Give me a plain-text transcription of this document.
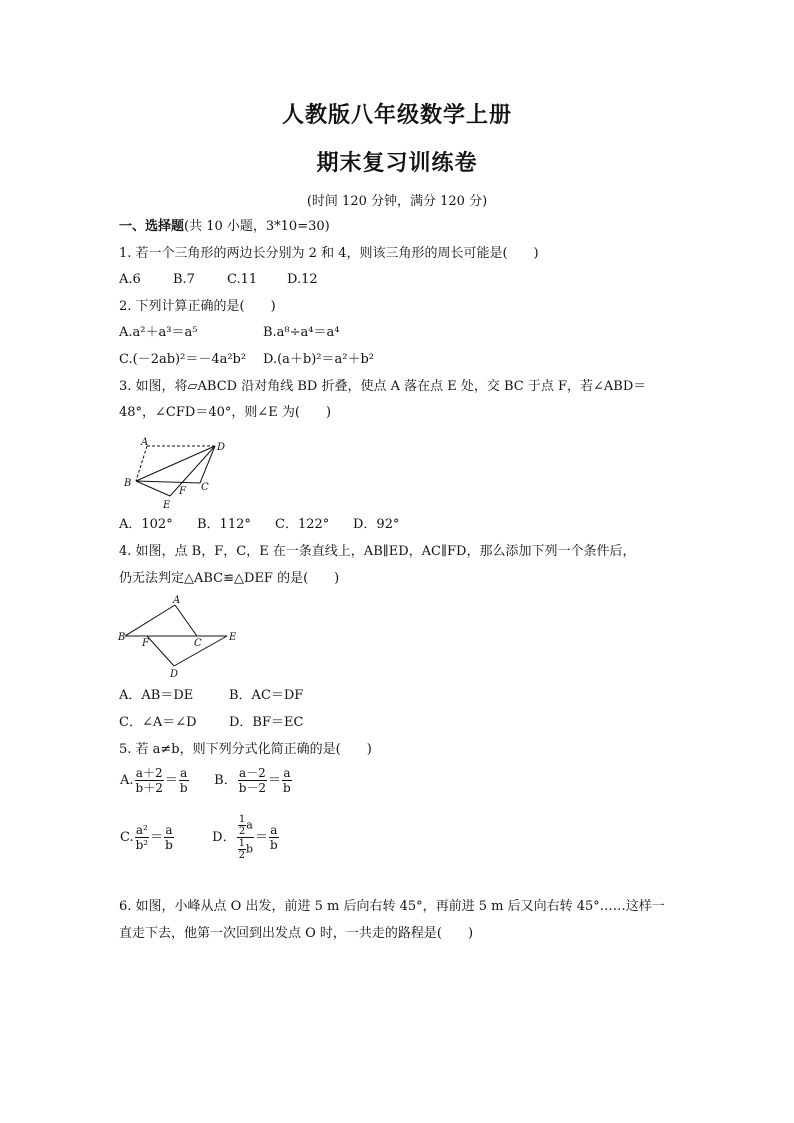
人教版八年级数学上册
期末复习训练卷
(时间 120 分钟，满分 120 分)
一、选择题(共 10 小题，3*10=30)
1. 若一个三角形的两边长分别为 2 和 4，则该三角形的周长可能是(　　)
A.6 B.7 C.11 D.12
2. 下列计算正确的是(　　)
A.a²＋a³＝a⁵	B.a⁸÷a⁴＝a⁴
C.(－2ab)²＝－4a²b² D.(a＋b)²＝a²＋b²
3. 如图，将▱ABCD 沿对角线 BD 折叠，使点 A 落在点 E 处，交 BC 于点 F，若∠ABD＝
48°，∠CFD＝40°，则∠E 为(　　)
A	D
B	C
F
E
A．102° B．112° C．122° D．92°
4. 如图，点 B，F，C，E 在一条直线上，AB∥ED，AC∥FD，那么添加下列一个条件后，
仍无法判定△ABC≌△DEF 的是(　　)
A
B
F	C
E
D
A．AB＝DE	B．AC＝DF
C．∠A＝∠D D．BF＝EC
5. 若 a≠b，则下列分式化简正确的是(　　)
A. $\frac{a+2}{b+2} = \frac{a}{b}$ B． $\frac{a-2}{b-2} = \frac{a}{b}$
C. $\frac{\text{a²}}{\text{b²}} = \frac{a}{b}$	D． $\frac{\frac{1}{2} a}{\frac{1}{2} b} = \frac{a}{b}$
6. 如图，小峰从点 O 出发，前进 5 m 后向右转 45°，再前进 5 m 后又向右转 45°……这样一
直走下去，他第一次回到出发点 O 时，一共走的路程是(　　)
